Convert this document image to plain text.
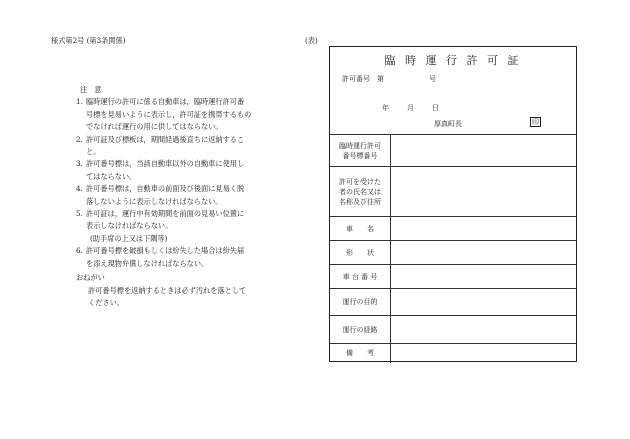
様式第2号 (第3条関係)	(表)
注　意
1. 臨時運行の許可に係る自動車は，臨時運行許可番
号標を見易いように表示し，許可証を携帯するもの
でなければ運行の用に供してはならない。
2. 許可証及び標板は，期間経過後直ちに返納するこ
と。
3. 許可番号標は，当該自動車以外の自動車に使用し
てはならない。
4. 許可番号標は，自動車の前面及び後面に見易く脱
落しないように表示しなければならない。
5. 許可証は，運行中有効期間を前面の見易い位置に
表示しなければならない。
(助手席の上又は下隅等)
6. 許可番号標を破損もしくは紛失した場合は紛失届
を添え現物弁償しなければならない。
おねがい
許可番号標を返納するときは必ず汚れを落として
ください。
臨 時 運 行 許 可 証
許可番号　第	号
年	月	日
厚真町長	印
臨時運行許可
番号標番号	

許可を受けた
者の氏名又は
名称及び住所	

車　　名	

形　　状	

車 台 番 号	

運行の目的	

運行の経路	

備　　考	
